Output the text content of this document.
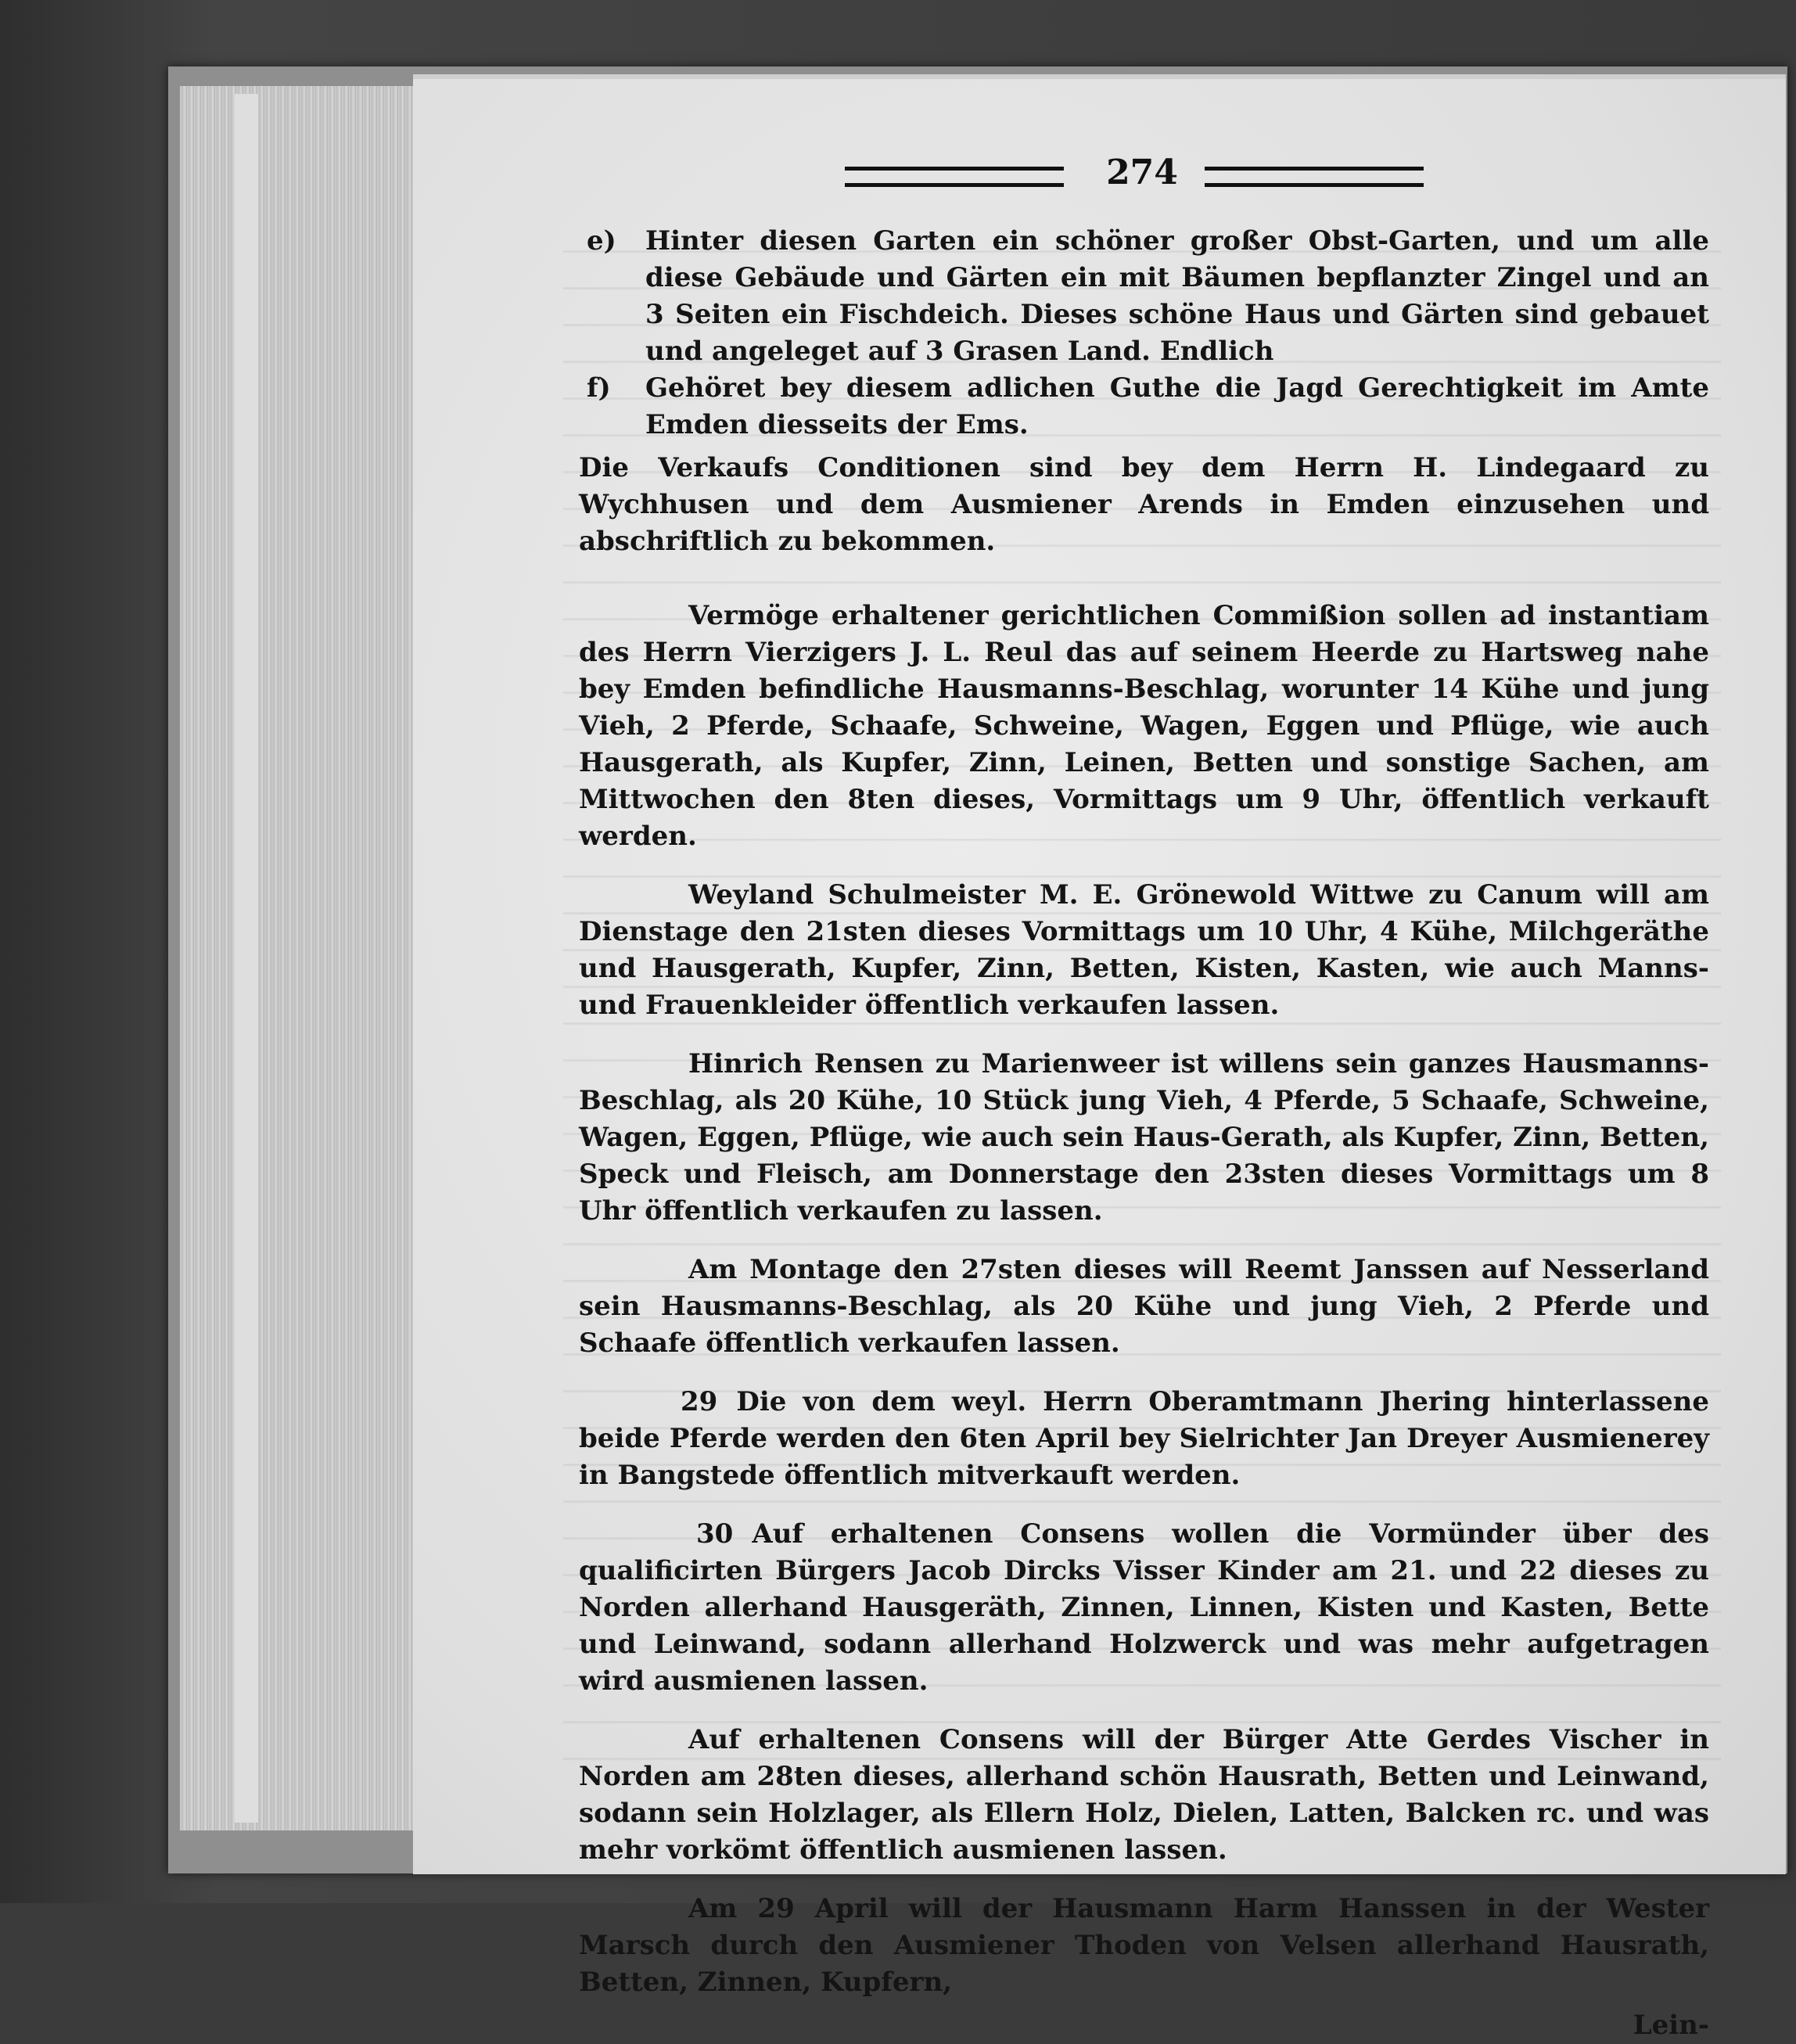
274
e) Hinter diesen Garten ein schöner großer Obst-Garten, und um alle diese Gebäude und Gärten ein mit Bäumen bepflanzter Zingel und an 3 Seiten ein Fischdeich. Dieses schöne Haus und Gärten sind gebauet und angeleget auf 3 Grasen Land. Endlich
f) Gehöret bey diesem adlichen Guthe die Jagd Gerechtigkeit im Amte Emden diesseits der Ems.

Die Verkaufs Conditionen sind bey dem Herrn H. Lindegaard zu Wychhusen und dem Ausmiener Arends in Emden einzusehen und abschriftlich zu bekommen.

Vermöge erhaltener gerichtlichen Commißion sollen ad instantiam des Herrn Vierzigers J. L. Reul das auf seinem Heerde zu Hartsweg nahe bey Emden befindliche Hausmanns-Beschlag, worunter 14 Kühe und jung Vieh, 2 Pferde, Schaafe, Schweine, Wagen, Eggen und Pflüge, wie auch Hausgerath, als Kupfer, Zinn, Leinen, Betten und sonstige Sachen, am Mittwochen den 8ten dieses, Vormittags um 9 Uhr, öffentlich verkauft werden.

Weyland Schulmeister M. E. Grönewold Wittwe zu Canum will am Dienstage den 21sten dieses Vormittags um 10 Uhr, 4 Kühe, Milchgeräthe und Hausgerath, Kupfer, Zinn, Betten, Kisten, Kasten, wie auch Manns- und Frauenkleider öffentlich verkaufen lassen.

Hinrich Rensen zu Marienweer ist willens sein ganzes Hausmanns-Beschlag, als 20 Kühe, 10 Stück jung Vieh, 4 Pferde, 5 Schaafe, Schweine, Wagen, Eggen, Pflüge, wie auch sein Haus-Gerath, als Kupfer, Zinn, Betten, Speck und Fleisch, am Donnerstage den 23sten dieses Vormittags um 8 Uhr öffentlich verkaufen zu lassen.

Am Montage den 27sten dieses will Reemt Janssen auf Nesserland sein Hausmanns-Beschlag, als 20 Kühe und jung Vieh, 2 Pferde und Schaafe öffentlich verkaufen lassen.

29 Die von dem weyl. Herrn Oberamtmann Jhering hinterlassene beide Pferde werden den 6ten April bey Sielrichter Jan Dreyer Ausmienerey in Bangstede öffentlich mitverkauft werden.

30 Auf erhaltenen Consens wollen die Vormünder über des qualificirten Bürgers Jacob Dircks Visser Kinder am 21. und 22 dieses zu Norden allerhand Hausgeräth, Zinnen, Linnen, Kisten und Kasten, Bette und Leinwand, sodann allerhand Holzwerck und was mehr aufgetragen wird ausmienen lassen.

Auf erhaltenen Consens will der Bürger Atte Gerdes Vischer in Norden am 28ten dieses, allerhand schön Hausrath, Betten und Leinwand, sodann sein Holzlager, als Ellern Holz, Dielen, Latten, Balcken rc. und was mehr vorkömt öffentlich ausmienen lassen.

Am 29 April will der Hausmann Harm Hanssen in der Wester Marsch durch den Ausmiener Thoden von Velsen allerhand Hausrath, Betten, Zinnen, Kupfern,

Lein-
